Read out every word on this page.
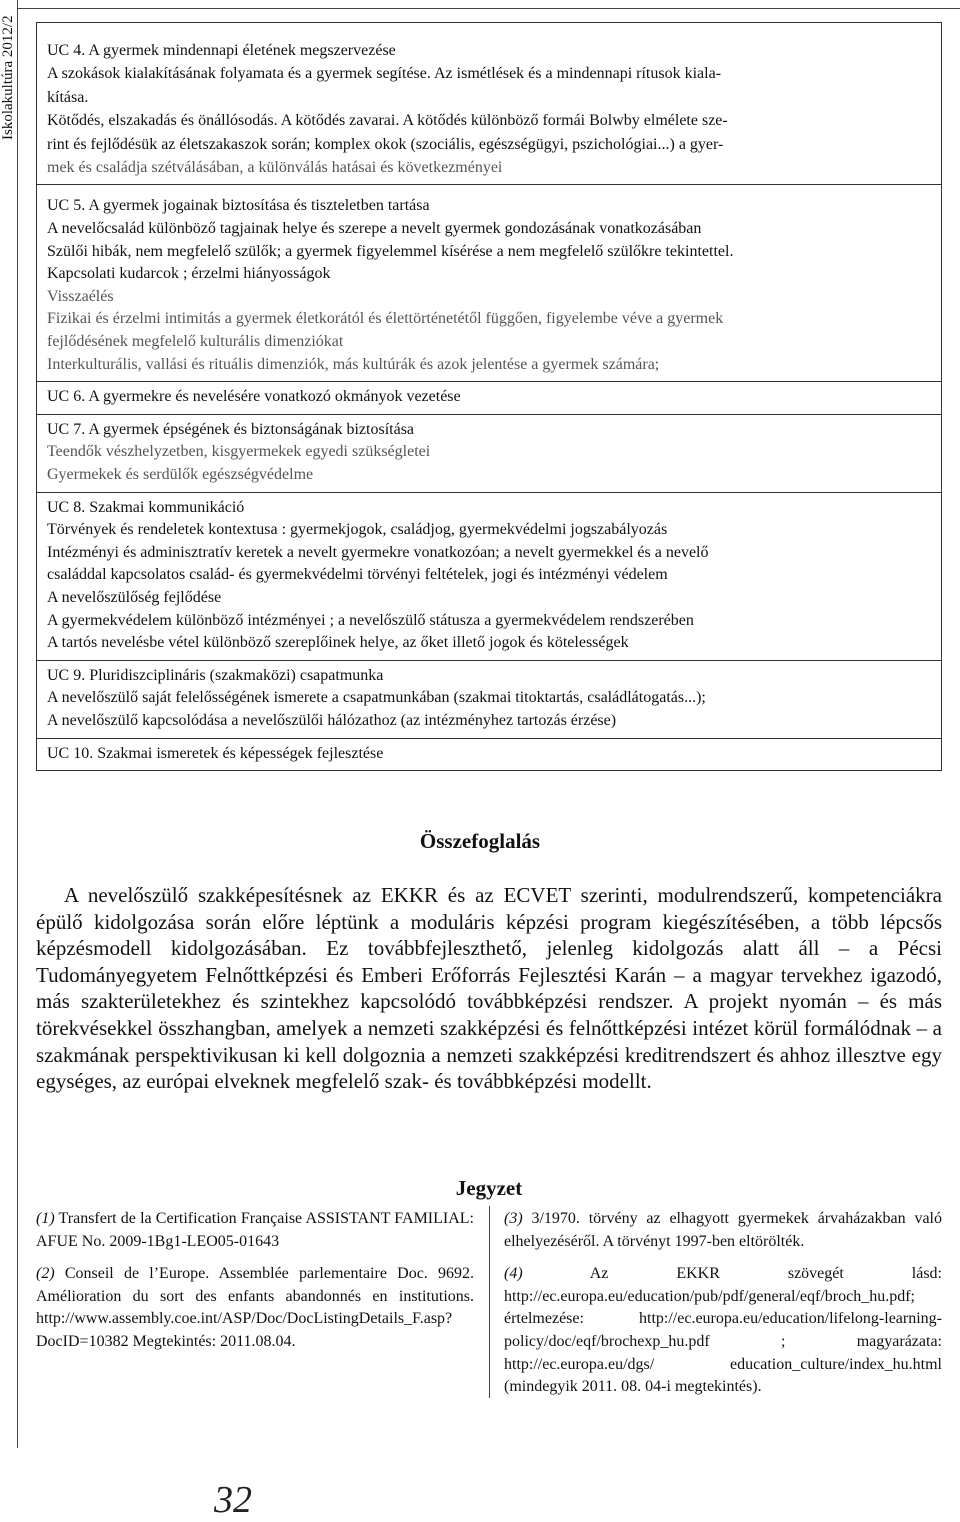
Iskolakultúra 2012/2	UC 4. A gyermek mindennapi életének megszervezése
A szokások kialakításának folyamata és a gyermek segítése. Az ismétlések és a mindennapi rítusok kiala-
kítása.
Kötődés, elszakadás és önállósodás. A kötődés zavarai. A kötődés különböző formái Bolwby elmélete sze-
rint és fejlődésük az életszakaszok során; komplex okok (szociális, egészségügyi, pszichológiai...) a gyer-
mek és családja szétválásában, a különválás hatásai és következményei
UC 5. A gyermek jogainak biztosítása és tiszteletben tartása
A nevelőcsalád különböző tagjainak helye és szerepe a nevelt gyermek gondozásának vonatkozásában
Szülői hibák, nem megfelelő szülők; a gyermek figyelemmel kísérése a nem megfelelő szülőkre tekintettel.
Kapcsolati kudarcok ; érzelmi hiányosságok
Visszaélés
Fizikai és érzelmi intimitás a gyermek életkorától és élettörténetétől függően, figyelembe véve a gyermek
fejlődésének megfelelő kulturális dimenziókat
Interkulturális, vallási és rituális dimenziók, más kultúrák és azok jelentése a gyermek számára;
UC 6. A gyermekre és nevelésére vonatkozó okmányok vezetése
UC 7. A gyermek épségének és biztonságának biztosítása
Teendők vészhelyzetben, kisgyermekek egyedi szükségletei
Gyermekek és serdülők egészségvédelme
UC 8. Szakmai kommunikáció
Törvények és rendeletek kontextusa : gyermekjogok, családjog, gyermekvédelmi jogszabályozás
Intézményi és adminisztratív keretek a nevelt gyermekre vonatkozóan; a nevelt gyermekkel és a nevelő
családdal kapcsolatos család- és gyermekvédelmi törvényi feltételek, jogi és intézményi védelem
A nevelőszülőség fejlődése
A gyermekvédelem különböző intézményei ; a nevelőszülő státusza a gyermekvédelem rendszerében
A tartós nevelésbe vétel különböző szereplőinek helye, az őket illető jogok és kötelességek
UC 9. Pluridiszciplináris (szakmaközi) csapatmunka
A nevelőszülő saját felelősségének ismerete a csapatmunkában (szakmai titoktartás, családlátogatás...);
A nevelőszülő kapcsolódása a nevelőszülői hálózathoz (az intézményhez tartozás érzése)
UC 10. Szakmai ismeretek és képességek fejlesztése
Összefoglalás

A nevelőszülő szakképesítésnek az EKKR és az ECVET szerinti, modulrendszerű, kompetenciákra épülő kidolgozása során előre léptünk a moduláris képzési program kiegészítésében, a több lépcsős képzésmodell kidolgozásában. Ez továbbfejleszthető, jelenleg kidolgozás alatt áll – a Pécsi Tudományegyetem Felnőttképzési és Emberi Erőforrás Fejlesztési Karán – a magyar tervekhez igazodó, más szakterületekhez és szintekhez kapcsolódó továbbképzési rendszer. A projekt nyomán – és más törekvésekkel összhangban, amelyek a nemzeti szakképzési és felnőttképzési intézet körül formálódnak – a szakmának perspektivikusan ki kell dolgoznia a nemzeti szakképzési kreditrendszert és ahhoz illesztve egy egységes, az európai elveknek megfelelő szak- és továbbképzési modellt.

Jegyzet

(1) Transfert de la Certification Française ASSISTANT FAMILIAL: AFUE No. 2009-1Bg1-LEO05-01643

(2) Conseil de l’Europe. Assemblée parlementaire Doc. 9692. Amélioration du sort des enfants abandonnés en institutions. http://www.assembly.coe.int/ASP/Doc/DocListingDetails_F.asp?DocID=10382 Megtekintés: 2011.08.04.

(3) 3/1970. törvény az elhagyott gyermekek árvaházakban való elhelyezéséről. A törvényt 1997-ben eltörölték.

(4) Az EKKR szövegét lásd: http://ec.europa.eu/education/pub/pdf/general/eqf/broch_hu.pdf; értelmezése: http://ec.europa.eu/education/lifelong-learning-policy/doc/eqf/brochexp_hu.pdf ; magyarázata: http://ec.europa.eu/dgs/ education_culture/index_hu.html (mindegyik 2011. 08. 04-i megtekintés).

32
